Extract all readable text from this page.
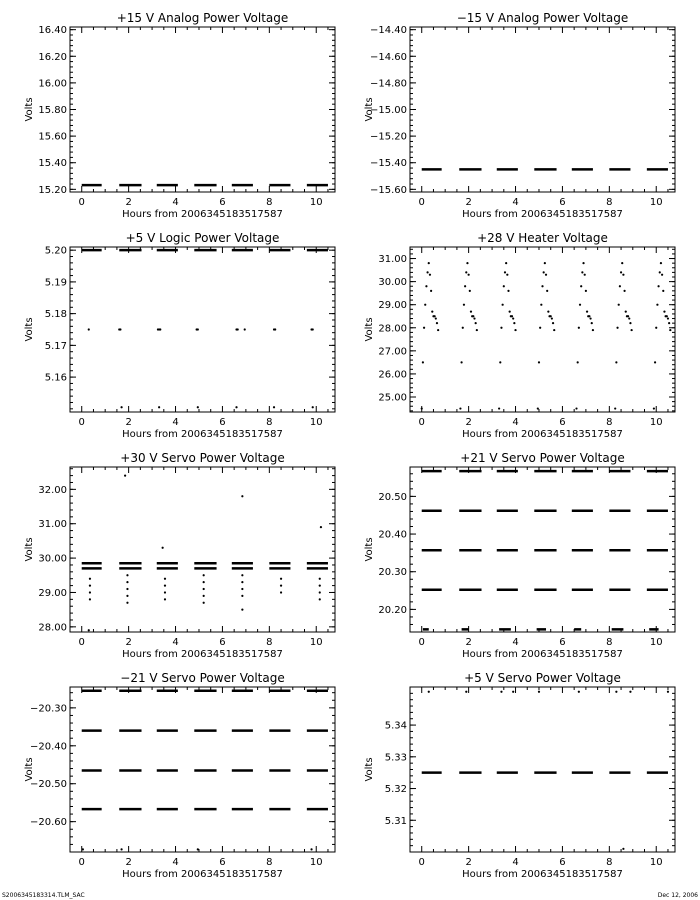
+15 V Analog Power Voltage
0	2	4	6	8	10
15.20
15.40
15.60
15.80
16.00
16.20
16.40
Hours from 2006345183517587
Volts
−15 V Analog Power Voltage
0	2	4	6	8	10
−15.60
−15.40
−15.20
−15.00
−14.80
−14.60
−14.40
Hours from 2006345183517587
Volts
+5 V Logic Power Voltage
0	2	4	6	8	10
5.16
5.17
5.18
5.19
5.20
Hours from 2006345183517587
Volts
+28 V Heater Voltage
0	2	4	6	8	10
25.00
26.00
27.00
28.00
29.00
30.00
31.00
Hours from 2006345183517587
Volts
+30 V Servo Power Voltage
0	2	4	6	8	10
28.00
29.00
30.00
31.00
32.00
Hours from 2006345183517587
Volts
+21 V Servo Power Voltage
0	2	4	6	8	10
20.20
20.30
20.40
20.50
Hours from 2006345183517587
Volts
−21 V Servo Power Voltage
0	2	4	6	8	10
−20.60
−20.50
−20.40
−20.30
Hours from 2006345183517587
Volts
+5 V Servo Power Voltage
0	2	4	6	8	10
5.31
5.32
5.33
5.34
Hours from 2006345183517587
Volts
S2006345183314.TLM_SAC	Dec 12, 2006
